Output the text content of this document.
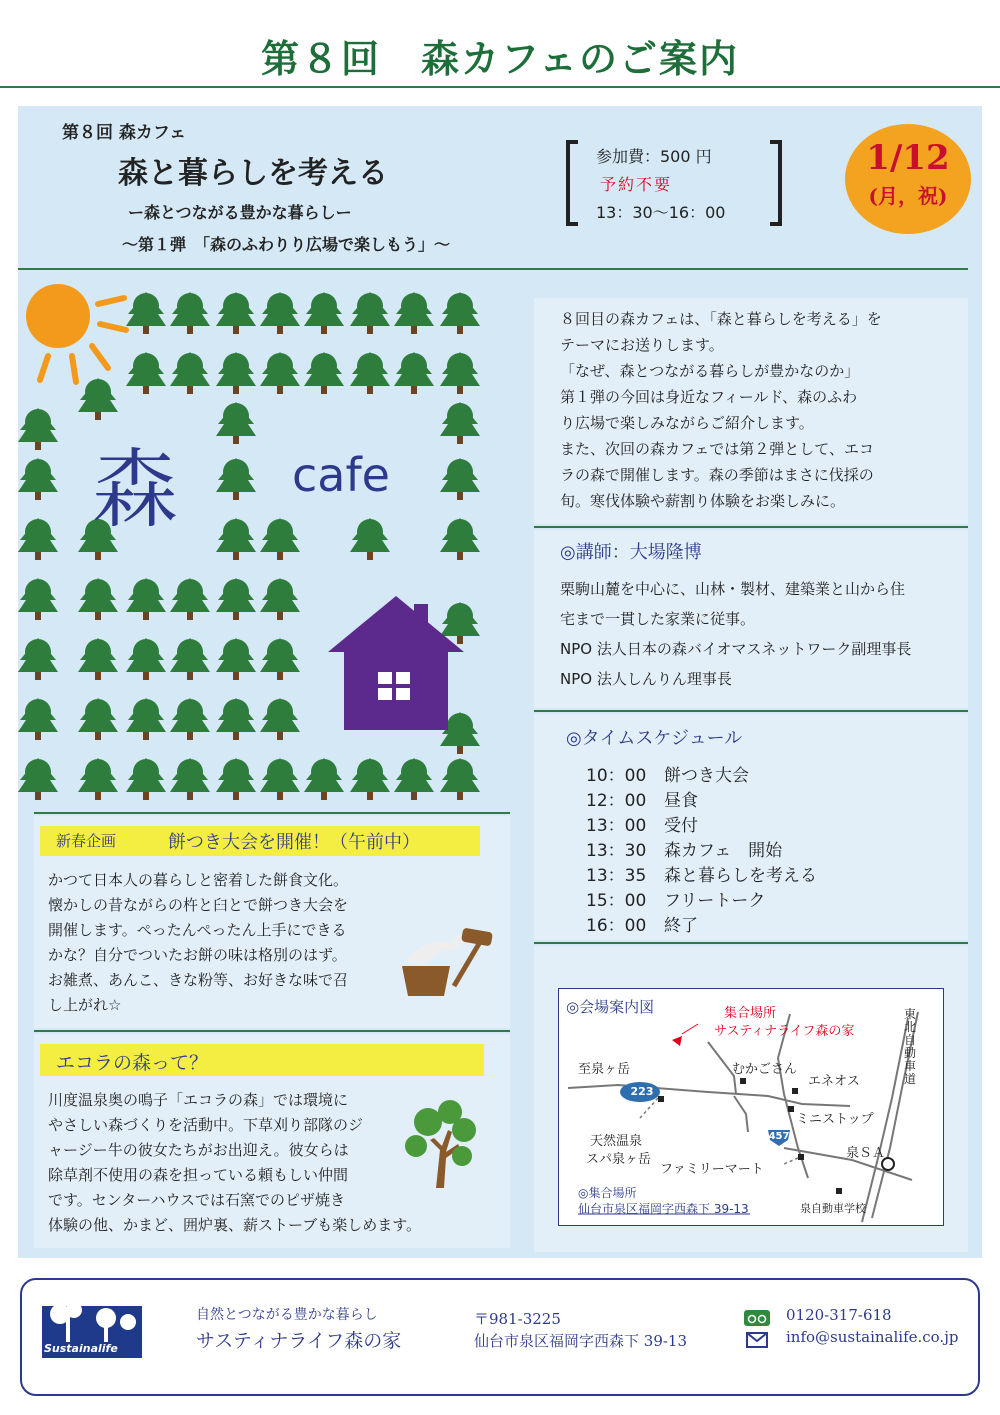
第８回　森カフェのご案内
第８回 森カフェ
森と暮らしを考える
ー森とつながる豊かな暮らしー
〜第１弾　「森のふわりり広場で楽しもう」〜
参加費：500 円
予約不要
13：30〜16：00
1/12
(月，祝)
森 cafe
８回目の森カフェは、「森と暮らしを考える」を
テーマにお送りします。
「なぜ、森とつながる暮らしが豊かなのか」
第１弾の今回は身近なフィールド、森のふわ
り広場で楽しみながらご紹介します。
また、次回の森カフェでは第２弾として、エコ
ラの森で開催します。森の季節はまさに伐採の
旬。寒伐体験や薪割り体験をお楽しみに。
◎講師：大場隆博
栗駒山麓を中心に、山林・製材、建築業と山から住
宅まで一貫した家業に従事。
NPO 法人日本の森バイオマスネットワーク副理事長
NPO 法人しんりん理事長
◎タイムスケジュール
10：00 餅つき大会
12：00 昼食
13：00 受付
13：30 森カフェ　開始
13：35 森と暮らしを考える
15：00 フリートーク
16：00 終了
◎会場案内図	集合場所
サスティナライフ森の家
至泉ヶ岳	むかごさん
エネオス
ミニストップ
天然温泉
スパ泉ヶ岳
ファミリーマート
泉ＳＡ
泉自動車学校
東北自動車道
223
457
◎集合場所
仙台市泉区福岡字西森下 39-13
新春企画	餅つき大会を開催！（午前中）
かつて日本人の暮らしと密着した餅食文化。
懐かしの昔ながらの杵と臼とで餅つき大会を
開催します。ぺったんぺったん上手にできる
かな？自分でついたお餅の味は格別のはず。
お雑煮、あんこ、きな粉等、お好きな味で召
し上がれ☆
エコラの森って？
川度温泉奥の鳴子「エコラの森」では環境に
やさしい森づくりを活動中。下草刈り部隊のジ
ャージー牛の彼女たちがお出迎え。彼女らは
除草剤不使用の森を担っている頼もしい仲間
です。センターハウスでは石窯でのピザ焼き
体験の他、かまど、囲炉裏、薪ストーブも楽しめます。
Sustainalife
自然とつながる豊かな暮らし
サスティナライフ森の家
〒981-3225
仙台市泉区福岡字西森下 39-13
0120-317-618
info@sustainalife.co.jp
